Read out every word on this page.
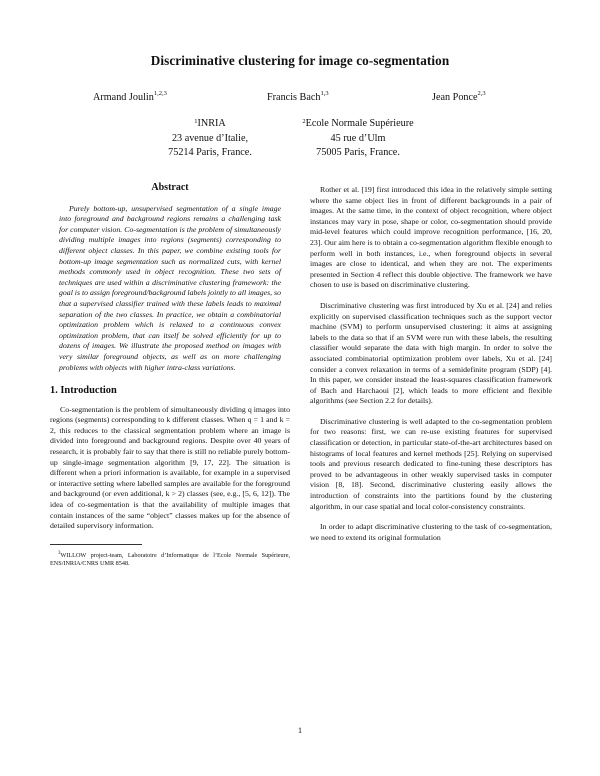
Discriminative clustering for image co-segmentation
Armand Joulin$^{1,2,3}$	Francis Bach$^{1,3}$	Jean Ponce$^{2,3}$
$^1$INRIA
23 avenue d’Italie,
75214 Paris, France.
$^2$Ecole Normale Supérieure
45 rue d’Ulm
75005 Paris, France.
Abstract

Purely bottom-up, unsupervised segmentation of a single image into foreground and background regions remains a challenging task for computer vision. Co-segmentation is the problem of simultaneously dividing multiple images into regions (segments) corresponding to different object classes. In this paper, we combine existing tools for bottom-up image segmentation such as normalized cuts, with kernel methods commonly used in object recognition. These two sets of techniques are used within a discriminative clustering framework: the goal is to assign foreground/background labels jointly to all images, so that a supervised classifier trained with these labels leads to maximal separation of the two classes. In practice, we obtain a combinatorial optimization problem which is relaxed to a continuous convex optimization problem, that can itself be solved efficiently for up to dozens of images. We illustrate the proposed method on images with very similar foreground objects, as well as on more challenging problems with objects with higher intra-class variations.

1. Introduction

Co-segmentation is the problem of simultaneously dividing q images into regions (segments) corresponding to k different classes. When q = 1 and k = 2, this reduces to the classical segmentation problem where an image is divided into foreground and background regions. Despite over 40 years of research, it is probably fair to say that there is still no reliable purely bottom-up single-image segmentation algorithm [9, 17, 22]. The situation is different when a priori information is available, for example in a supervised or interactive setting where labelled samples are available for the foreground and background (or even additional, k > 2) classes (see, e.g., [5, 6, 12]). The idea of co-segmentation is that the availability of multiple images that contain instances of the same “object” classes makes up for the absence of detailed supervisory information.

$^3$WILLOW project-team, Laboratoire d’Informatique de l’Ecole Normale Supérieure, ENS/INRIA/CNRS UMR 8548.

Rother et al. [19] first introduced this idea in the relatively simple setting where the same object lies in front of different backgrounds in a pair of images. At the same time, in the context of object recognition, where object instances may vary in pose, shape or color, co-segmentation should provide mid-level features which could improve recognition performance, [16, 20, 23]. Our aim here is to obtain a co-segmentation algorithm flexible enough to perform well in both instances, i.e., when foreground objects in several images are close to identical, and when they are not. The experiments presented in Section 4 reflect this double objective. The framework we have chosen to use is based on discriminative clustering.

Discriminative clustering was first introduced by Xu et al. [24] and relies explicitly on supervised classification techniques such as the support vector machine (SVM) to perform unsupervised clustering: it aims at assigning labels to the data so that if an SVM were run with these labels, the resulting classifier would separate the data with high margin. In order to solve the associated combinatorial optimization problem over labels, Xu et al. [24] consider a convex relaxation in terms of a semidefinite program (SDP) [4]. In this paper, we consider instead the least-squares classification framework of Bach and Harchaoui [2], which leads to more efficient and flexible algorithms (see Section 2.2 for details).

Discriminative clustering is well adapted to the co-segmentation problem for two reasons: first, we can re-use existing features for supervised classification or detection, in particular state-of-the-art architectures based on histograms of local features and kernel methods [25]. Relying on supervised tools and previous research dedicated to fine-tuning these descriptors has proved to be advantageous in other weakly supervised tasks in computer vision [8, 18]. Second, discriminative clustering easily allows the introduction of constraints into the partitions found by the clustering algorithm, in our case spatial and local color-consistency constraints.

In order to adapt discriminative clustering to the task of co-segmentation, we need to extend its original formulation

1
